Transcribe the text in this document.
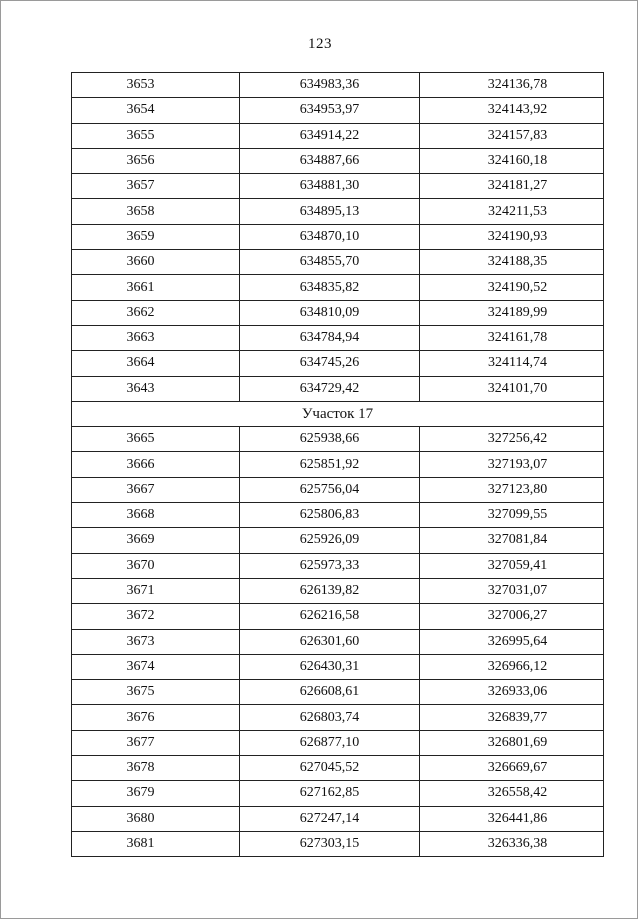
123
3653	634983,36	324136,78
3654	634953,97	324143,92
3655	634914,22	324157,83
3656	634887,66	324160,18
3657	634881,30	324181,27
3658	634895,13	324211,53
3659	634870,10	324190,93
3660	634855,70	324188,35
3661	634835,82	324190,52
3662	634810,09	324189,99
3663	634784,94	324161,78
3664	634745,26	324114,74
3643	634729,42	324101,70
Участок 17		
3665	625938,66	327256,42
3666	625851,92	327193,07
3667	625756,04	327123,80
3668	625806,83	327099,55
3669	625926,09	327081,84
3670	625973,33	327059,41
3671	626139,82	327031,07
3672	626216,58	327006,27
3673	626301,60	326995,64
3674	626430,31	326966,12
3675	626608,61	326933,06
3676	626803,74	326839,77
3677	626877,10	326801,69
3678	627045,52	326669,67
3679	627162,85	326558,42
3680	627247,14	326441,86
3681	627303,15	326336,38
